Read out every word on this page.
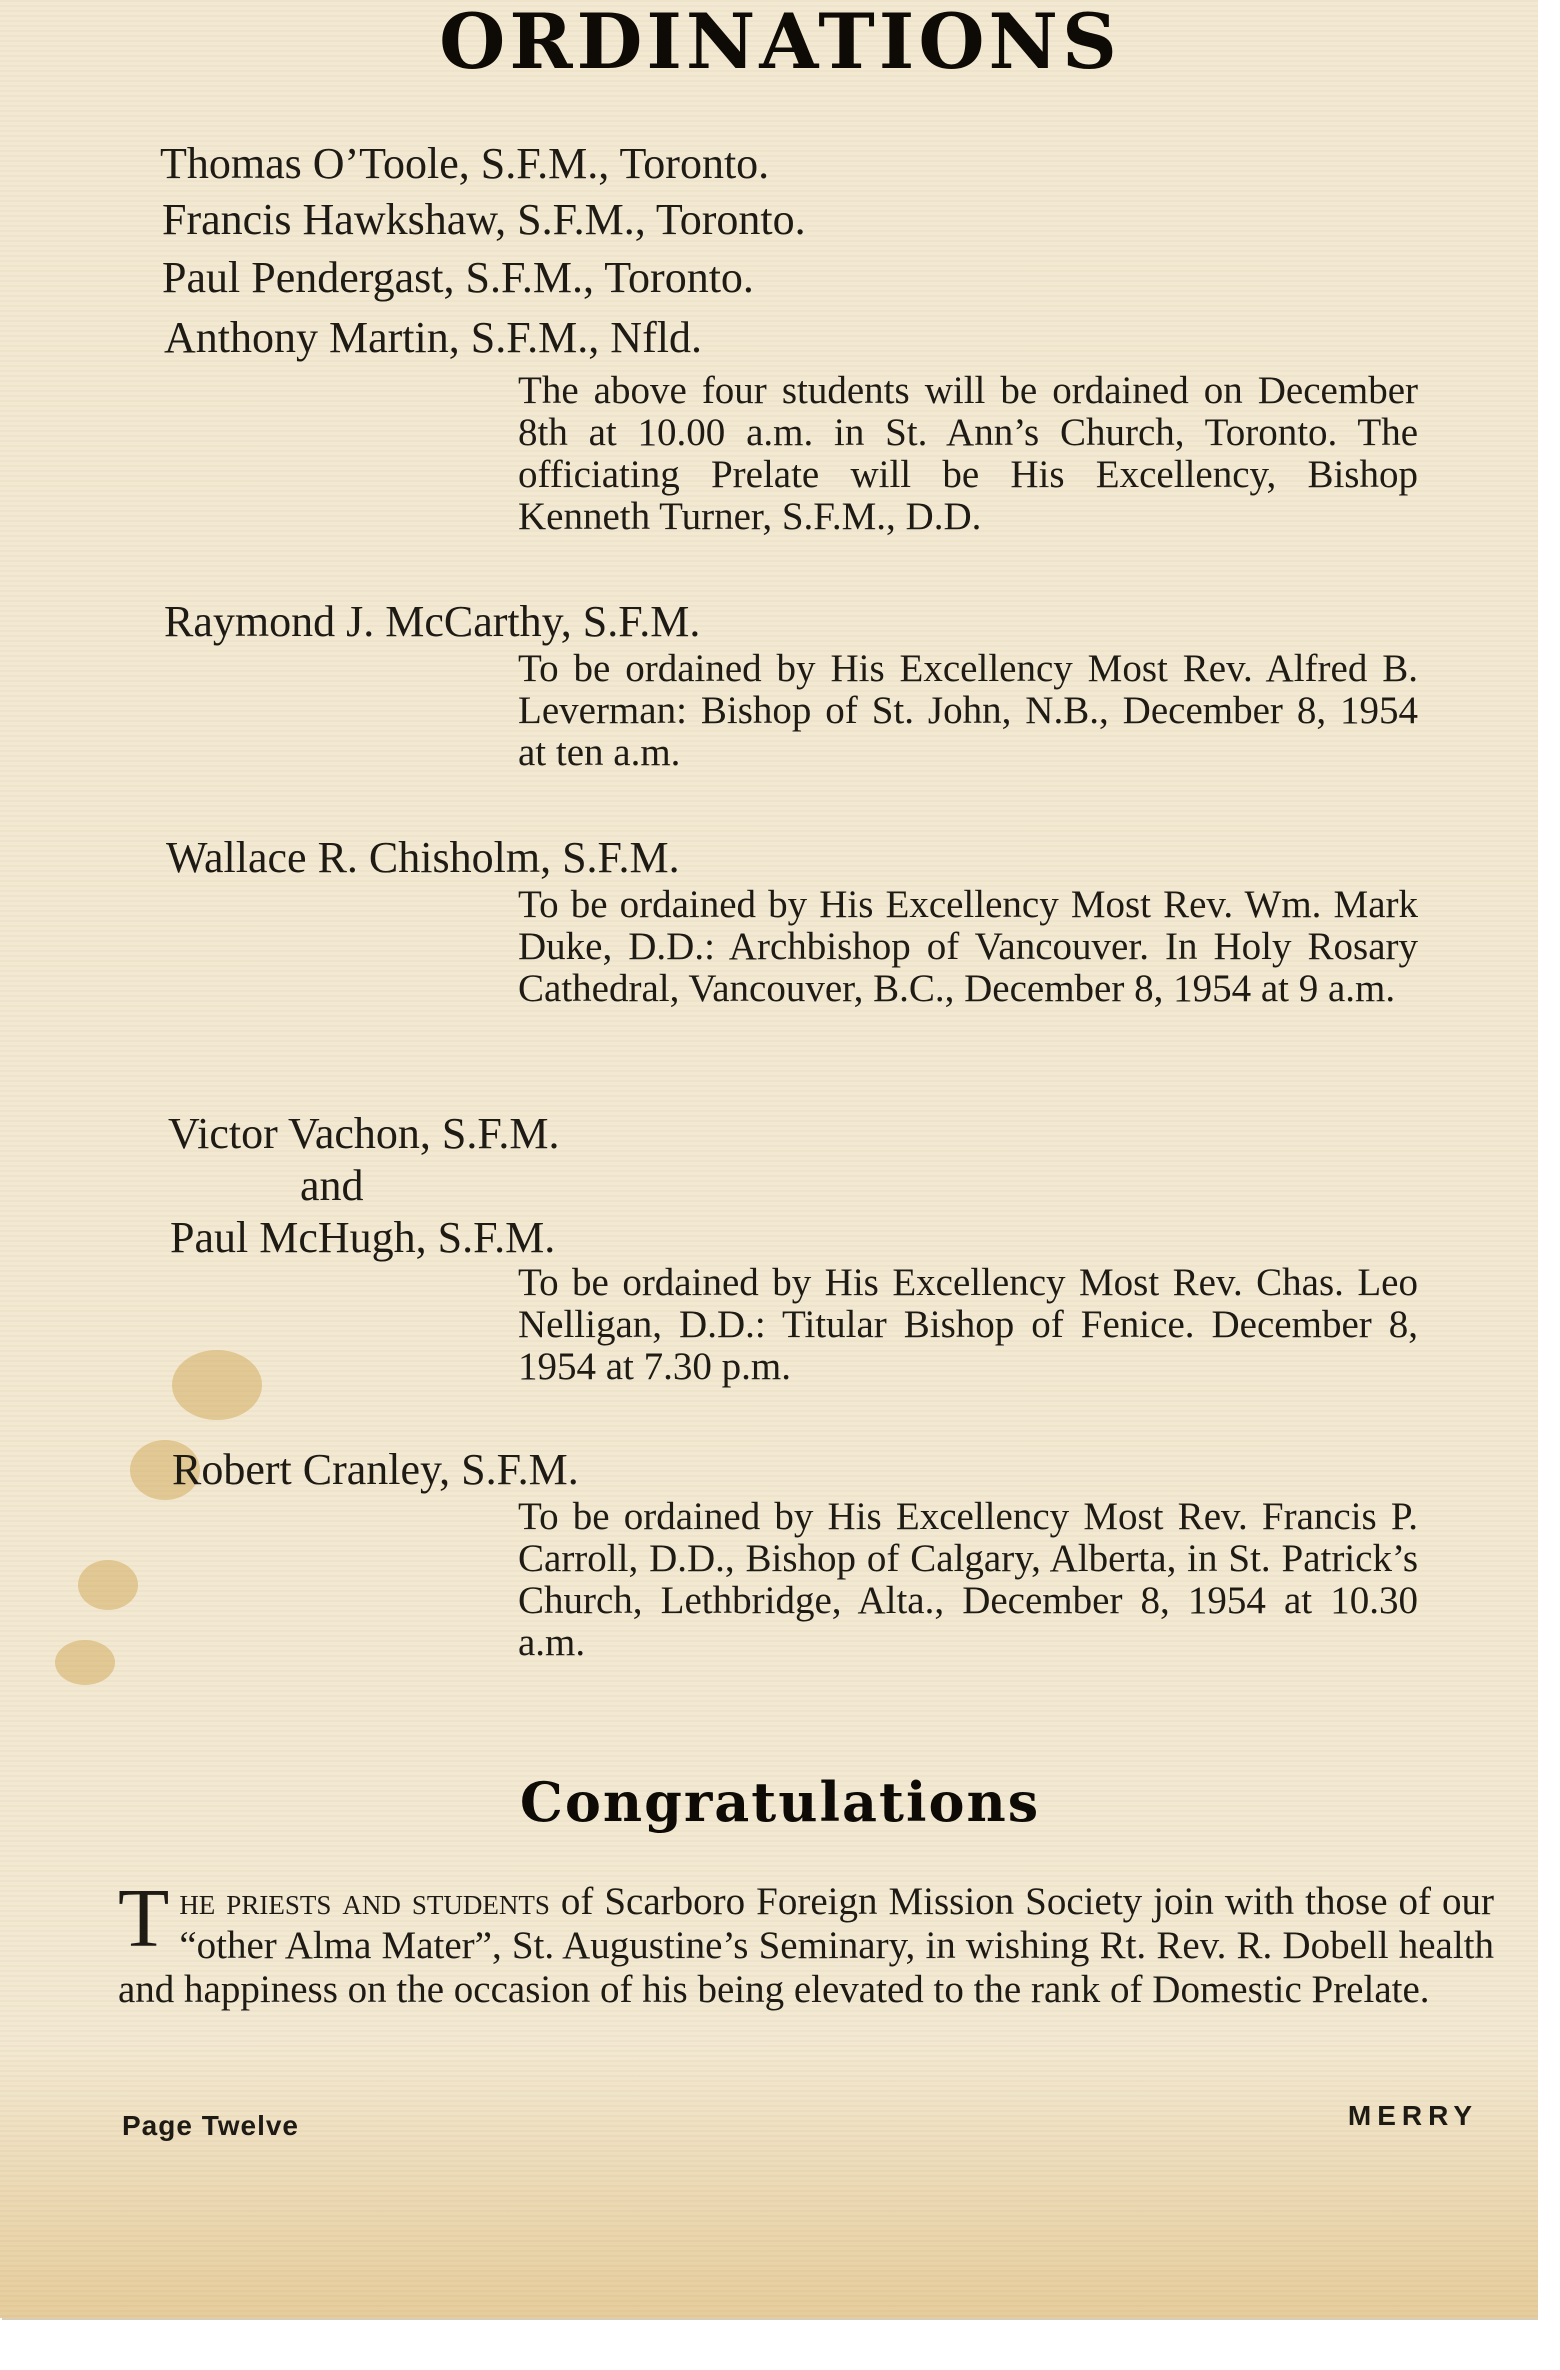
ORDINATIONS

Thomas O’Toole, S.F.M., Toronto.

Francis Hawkshaw, S.F.M., Toronto.

Paul Pendergast, S.F.M., Toronto.

Anthony Martin, S.F.M., Nfld.

The above four students will be ordained on December 8th at 10.00 a.m. in St. Ann’s Church, Toronto. The officiating Prelate will be His Excellency, Bishop Kenneth Turner, S.F.M., D.D.

Raymond J. McCarthy, S.F.M.

To be ordained by His Excellency Most Rev. Alfred B. Leverman: Bishop of St. John, N.B., December 8, 1954 at ten a.m.

Wallace R. Chisholm, S.F.M.

To be ordained by His Excellency Most Rev. Wm. Mark Duke, D.D.: Archbishop of Vancouver. In Holy Rosary Cathedral, Vancouver, B.C., December 8, 1954 at 9 a.m.

Victor Vachon, S.F.M.

and

Paul McHugh, S.F.M.

To be ordained by His Excellency Most Rev. Chas. Leo Nelligan, D.D.: Titular Bishop of Fenice. December 8, 1954 at 7.30 p.m.

Robert Cranley, S.F.M.

To be ordained by His Excellency Most Rev. Francis P. Carroll, D.D., Bishop of Calgary, Alberta, in St. Patrick’s Church, Lethbridge, Alta., December 8, 1954 at 10.30 a.m.

Congratulations

The priests and students of Scarboro Foreign Mission Society join with those of our “other Alma Mater”, St. Augustine’s Seminary, in wishing Rt. Rev. R. Dobell health and happiness on the occasion of his being elevated to the rank of Domestic Prelate.

Page Twelve	MERRY
